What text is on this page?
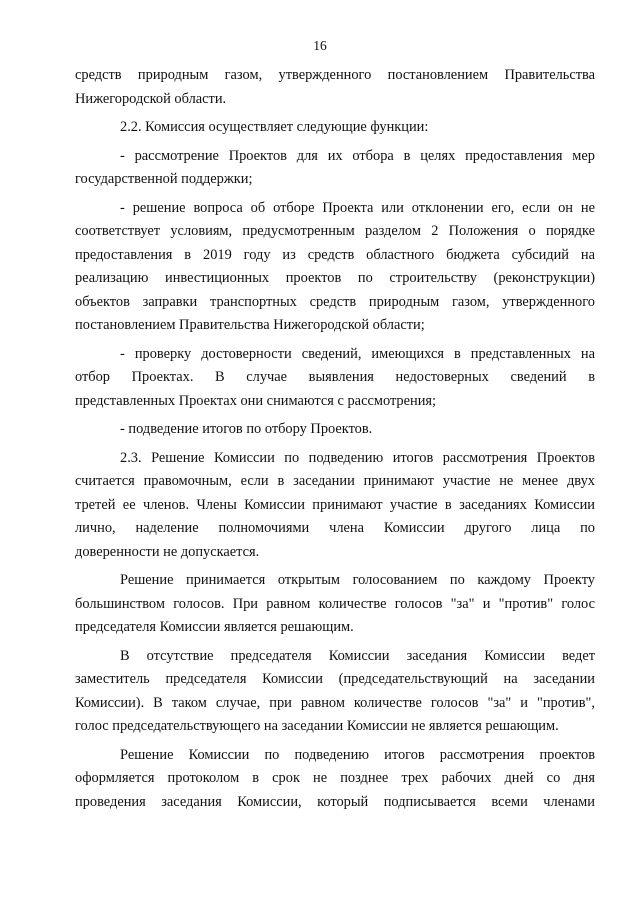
16
средств природным газом, утвержденного постановлением Правительства
Нижегородской области.
2.2. Комиссия осуществляет следующие функции:
- рассмотрение Проектов для их отбора в целях предоставления мер
государственной поддержки;
- решение вопроса об отборе Проекта или отклонении его, если он не
соответствует условиям, предусмотренным разделом 2 Положения о порядке
предоставления в 2019 году из средств областного бюджета субсидий на
реализацию инвестиционных проектов по строительству (реконструкции)
объектов заправки транспортных средств природным газом, утвержденного
постановлением Правительства Нижегородской области;
- проверку достоверности сведений, имеющихся в представленных на
отбор Проектах. В случае выявления недостоверных сведений в
представленных Проектах они снимаются с рассмотрения;
- подведение итогов по отбору Проектов.
2.3. Решение Комиссии по подведению итогов рассмотрения Проектов
считается правомочным, если в заседании принимают участие не менее двух
третей ее членов. Члены Комиссии принимают участие в заседаниях Комиссии
лично, наделение полномочиями члена Комиссии другого лица по
доверенности не допускается.
Решение принимается открытым голосованием по каждому Проекту
большинством голосов. При равном количестве голосов "за" и "против" голос
председателя Комиссии является решающим.
В отсутствие председателя Комиссии заседания Комиссии ведет
заместитель председателя Комиссии (председательствующий на заседании
Комиссии). В таком случае, при равном количестве голосов "за" и "против",
голос председательствующего на заседании Комиссии не является решающим.
Решение Комиссии по подведению итогов рассмотрения проектов
оформляется протоколом в срок не позднее трех рабочих дней со дня
проведения заседания Комиссии, который подписывается всеми членами
